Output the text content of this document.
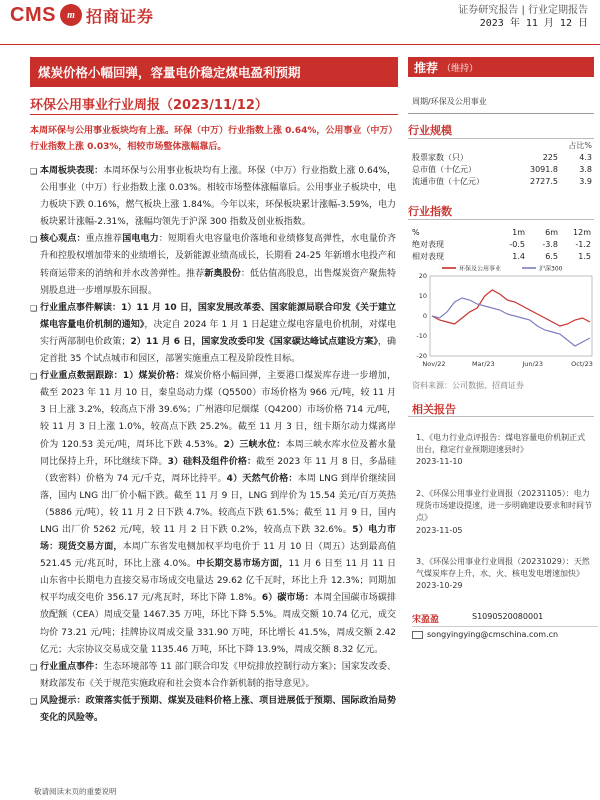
CMS	m 招商证券	证券研究报告 | 行业定期报告
2023 年 11 月 12 日
煤炭价格小幅回弹，容量电价稳定煤电盈利预期	推荐 （维持）
环保公用事业行业周报（2023/11/12）	周期/环保及公用事业
本周环保与公用事业板块均有上涨。环保（中万）行业指数上涨 0.64%，公用事业（中万）行业指数上涨 0.03%，相较市场整体涨幅靠后。

❑ 本周板块表现：本周环保与公用事业板块均有上涨。环保（中万）行业指数上涨 0.64%，公用事业（中万）行业指数上涨 0.03%。相较市场整体涨幅靠后。公用事业子板块中，电力板块下跌 0.16%，燃气板块上涨 1.84%。今年以来，环保板块累计涨幅-3.59%，电力板块累计涨幅-2.31%，涨幅均领先于沪深 300 指数及创业板指数。

❑ 核心观点：重点推荐国电电力：短期看火电容量电价落地和业绩修复高弹性，水电量价齐升和控股权增加带来的业绩增长，及新能源业绩高成长，长期看 24-25 年新增水电投产和转商运带来的消纳和并水改善弹性。推荐新奥股份：低估值高股息，出售煤炭资产聚焦特别股息进一步增厚股东回报。

❑ 行业重点事件解读：1）11 月 10 日，国家发展改革委、国家能源局联合印发《关于建立煤电容量电价机制的通知》，决定自 2024 年 1 月 1 日起建立煤电容量电价机制，对煤电实行两部制电价政策；2）11 月 6 日，国家发改委印发《国家碳达峰试点建设方案》，确定首批 35 个试点城市和园区，部署实施重点工程及阶段性目标。

❑ 行业重点数据跟踪：1）煤炭价格：煤炭价格小幅回弹，主要港口煤炭库存进一步增加，截至 2023 年 11 月 10 日，秦皇岛动力煤（Q5500）市场价格为 966 元/吨，较 11 月 3 日上涨 3.2%，较高点下滑 39.6%；广州港印尼烟煤（Q4200）市场价格 714 元/吨，较 11 月 3 日上涨 1.0%，较高点下跌 25.2%。截至 11 月 3 日，纽卡斯尔动力煤离岸价为 120.53 美元/吨，周环比下跌 4.53%。2）三峡水位：本周三峡水库水位及蓄水量同比保持上升，环比继续下降。3）硅料及组件价格：截至 2023 年 11 月 8 日，多晶硅（致密料）价格为 74 元/千克，周环比持平。4）天然气价格：本周 LNG 到岸价继续回落，国内 LNG 出厂价小幅下跌。截至 11 月 9 日，LNG 到岸价为 15.54 美元/百万英热（5886 元/吨），较 11 月 2 日下跌 4.7%。较高点下跌 61.5%；截至 11 月 9 日，国内 LNG 出厂价 5262 元/吨，较 11 月 2 日下跌 0.2%，较高点下跌 32.6%。5）电力市场：现货交易方面，本周广东省发电侧加权平均电价于 11 月 10 日（周五）达到最高值 521.45 元/兆瓦时，环比上涨 4.0%。中长期交易市场方面，11 月 6 日至 11 月 11 日山东省中长期电力直接交易市场成交电量达 29.62 亿千瓦时，环比上升 12.3%；同期加权平均成交电价 356.17 元/兆瓦时，环比下降 1.8%。6）碳市场：本周全国碳市场碳排放配额（CEA）周成交量 1467.35 万吨，环比下降 5.5%。周成交额 10.74 亿元，成交均价 73.21 元/吨；挂牌协议周成交量 331.90 万吨，环比增长 41.5%，周成交额 2.42 亿元；大宗协议交易成交量 1135.46 万吨，环比下降 13.9%，周成交额 8.32 亿元。

❑ 行业重点事件：生态环境部等 11 部门联合印发《甲烷排放控制行动方案》；国家发改委、财政部发布《关于规范实施政府和社会资本合作新机制的指导意见》。

❑ 风险提示：政策落实低于预期、煤炭及硅料价格上涨、项目进展低于预期、国际政治局势变化的风险等。

行业规模
占比%
股票家数（只）	225	4.3
总市值（十亿元）	3091.8	3.8
流通市值（十亿元）	2727.5	3.9
行业指数
%	1m	6m	12m
绝对表现	-0.5	-3.8	-1.2
相对表现	1.4	6.5	1.5
环保及公用事业	沪深300
20
10
0
-10
-20
Nov/22	Mar/23	Jun/23	Oct/23
资料来源：公司数据、招商证券
相关报告
1、《电力行业点评报告：煤电容量电价机制正式出台，稳定行业预期迎速县时》
2023-11-10
2、《环保公用事业行业周报（20231105）：电力现货市场建设提速，进一步明确建设要求和时间节点》
2023-11-05
3、《环保公用事业行业周报（20231029）：天然气煤炭库存上升，水、火、核电发电增速加快》
2023-10-29
宋盈盈	S1090520080001
songyingying@cmschina.com.cn
敬请阅读末页的重要说明
